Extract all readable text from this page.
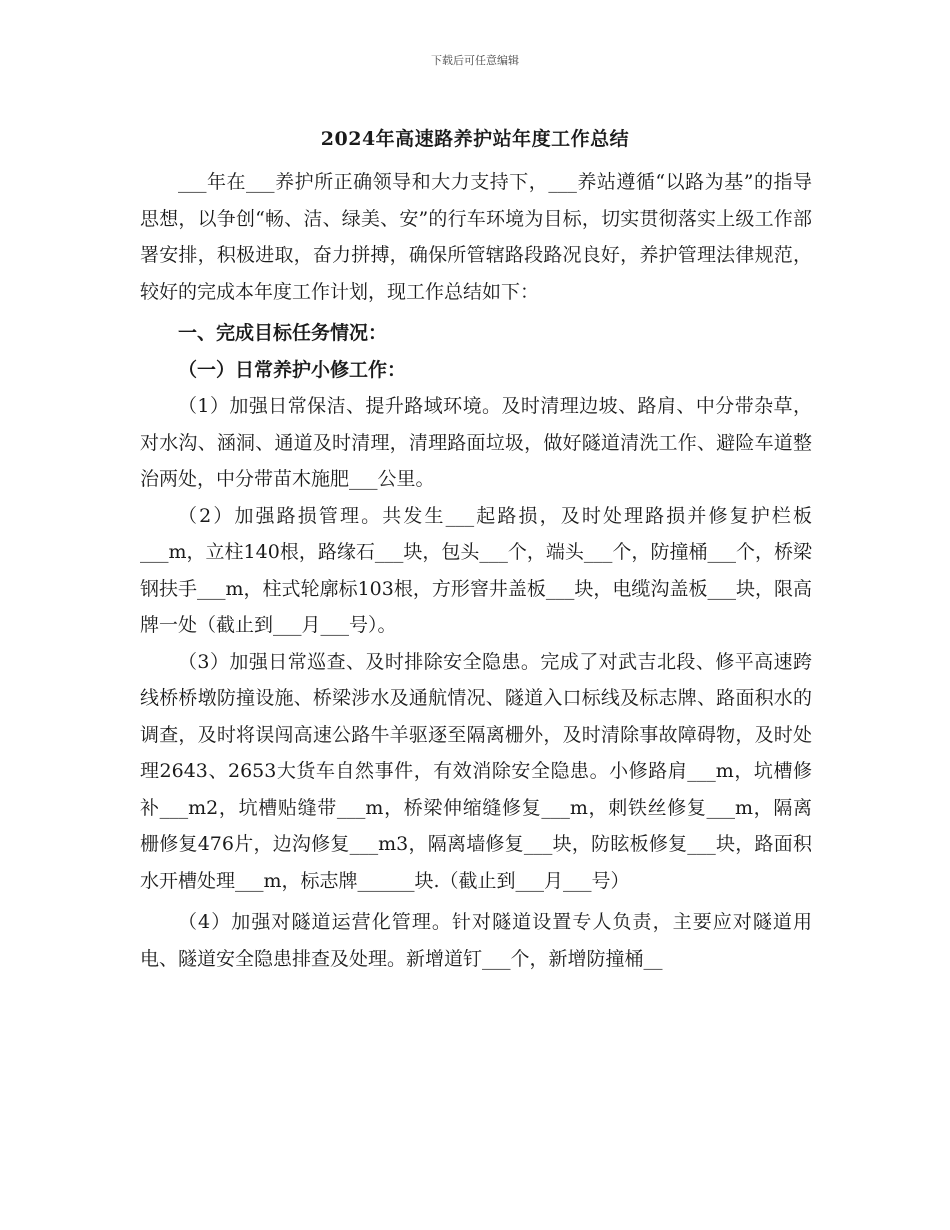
下载后可任意编辑
2024年高速路养护站年度工作总结

___年在___养护所正确领导和大力支持下，___养站遵循“以路为基”的指导思想，以争创“畅、洁、绿美、安”的行车环境为目标，切实贯彻落实上级工作部署安排，积极进取，奋力拼搏，确保所管辖路段路况良好，养护管理法律规范，较好的完成本年度工作计划，现工作总结如下：

一、完成目标任务情况：

（一）日常养护小修工作：

（1）加强日常保洁、提升路域环境。及时清理边坡、路肩、中分带杂草，对水沟、涵洞、通道及时清理，清理路面垃圾，做好隧道清洗工作、避险车道整治两处，中分带苗木施肥___公里。

（2）加强路损管理。共发生___起路损，及时处理路损并修复护栏板___m，立柱140根，路缘石___块，包头___个，端头___个，防撞桶___个，桥梁钢扶手___m，柱式轮廓标103根，方形窨井盖板___块，电缆沟盖板___块，限高牌一处（截止到___月___号）。

（3）加强日常巡查、及时排除安全隐患。完成了对武吉北段、修平高速跨线桥桥墩防撞设施、桥梁涉水及通航情况、隧道入口标线及标志牌、路面积水的调查，及时将误闯高速公路牛羊驱逐至隔离栅外，及时清除事故障碍物，及时处理2643、2653大货车自然事件，有效消除安全隐患。小修路肩___m，坑槽修补___m2，坑槽贴缝带___m，桥梁伸缩缝修复___m，刺铁丝修复___m，隔离栅修复476片，边沟修复___m3，隔离墙修复___块，防眩板修复___块，路面积水开槽处理___m，标志牌______块.（截止到___月___号）

（4）加强对隧道运营化管理。针对隧道设置专人负责，主要应对隧道用电、隧道安全隐患排查及处理。新增道钉___个，新增防撞桶__
